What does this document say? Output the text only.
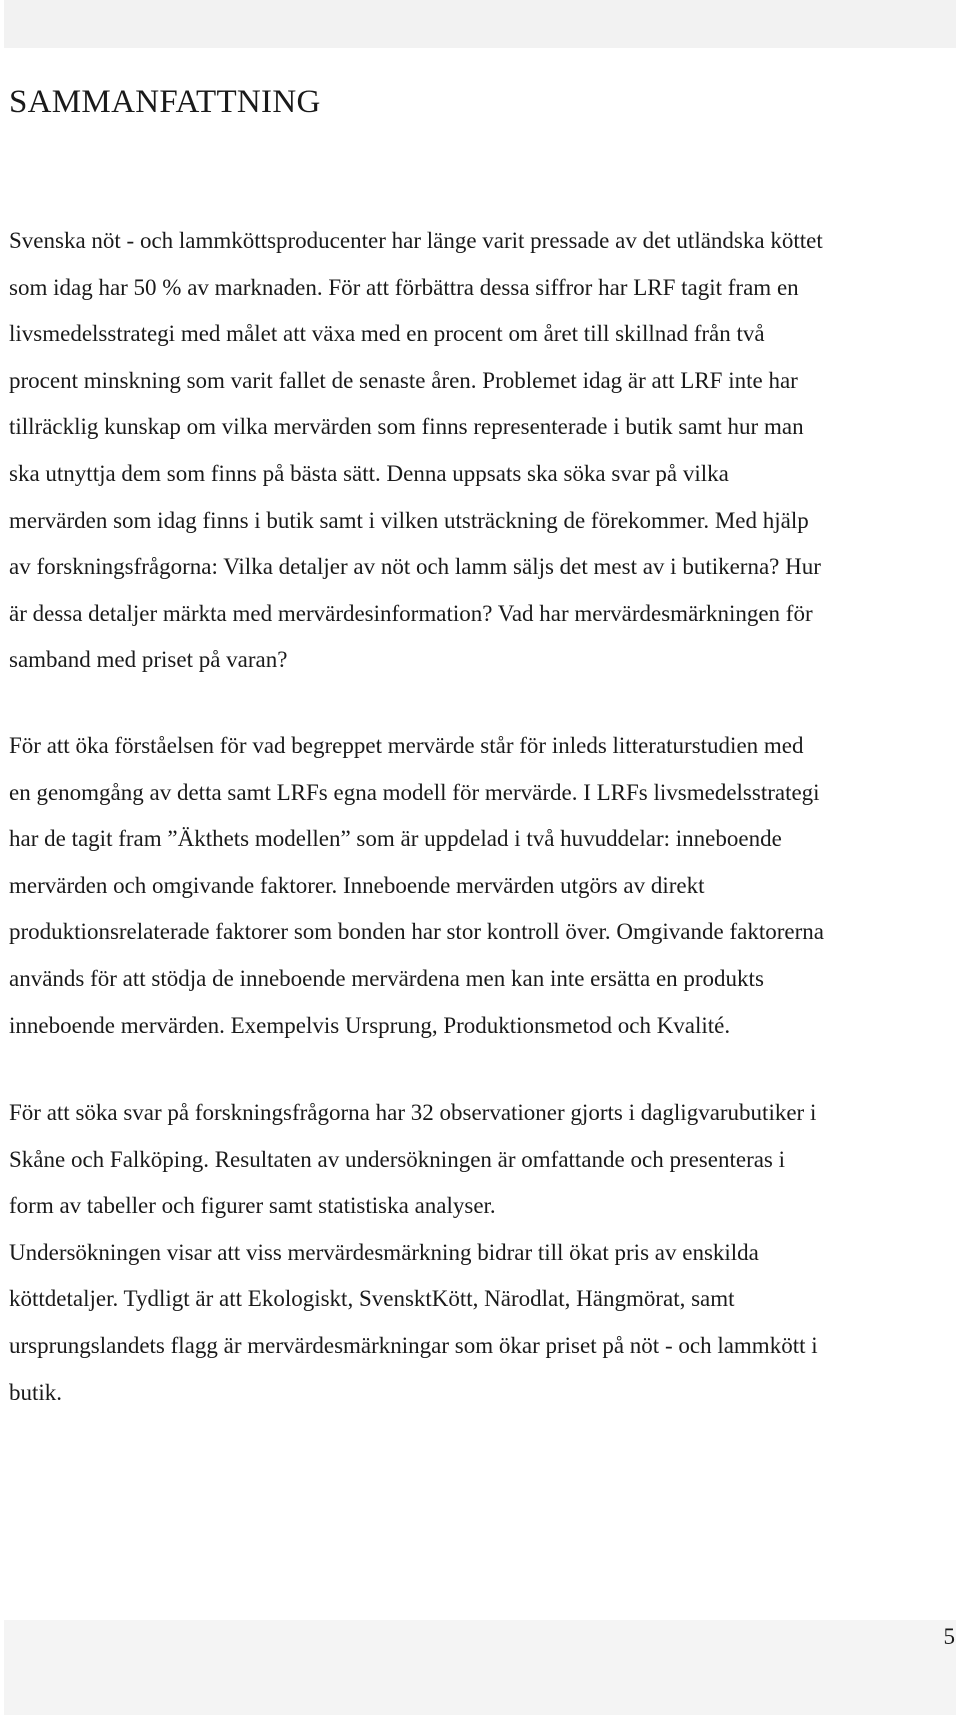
SAMMANFATTNING

Svenska nöt - och lammköttsproducenter har länge varit pressade av det utländska köttet
som idag har 50 % av marknaden. För att förbättra dessa siffror har LRF tagit fram en
livsmedelsstrategi med målet att växa med en procent om året till skillnad från två
procent minskning som varit fallet de senaste åren. Problemet idag är att LRF inte har
tillräcklig kunskap om vilka mervärden som finns representerade i butik samt hur man
ska utnyttja dem som finns på bästa sätt. Denna uppsats ska söka svar på vilka
mervärden som idag finns i butik samt i vilken utsträckning de förekommer. Med hjälp
av forskningsfrågorna: Vilka detaljer av nöt och lamm säljs det mest av i butikerna? Hur
är dessa detaljer märkta med mervärdesinformation? Vad har mervärdesmärkningen för
samband med priset på varan?

För att öka förståelsen för vad begreppet mervärde står för inleds litteraturstudien med
en genomgång av detta samt LRFs egna modell för mervärde. I LRFs livsmedelsstrategi
har de tagit fram ”Äkthets modellen” som är uppdelad i två huvuddelar: inneboende
mervärden och omgivande faktorer. Inneboende mervärden utgörs av direkt
produktionsrelaterade faktorer som bonden har stor kontroll över. Omgivande faktorerna
används för att stödja de inneboende mervärdena men kan inte ersätta en produkts
inneboende mervärden. Exempelvis Ursprung, Produktionsmetod och Kvalité.

För att söka svar på forskningsfrågorna har 32 observationer gjorts i dagligvarubutiker i
Skåne och Falköping. Resultaten av undersökningen är omfattande och presenteras i
form av tabeller och figurer samt statistiska analyser.
Undersökningen visar att viss mervärdesmärkning bidrar till ökat pris av enskilda
köttdetaljer. Tydligt är att Ekologiskt, SvensktKött, Närodlat, Hängmörat, samt
ursprungslandets flagg är mervärdesmärkningar som ökar priset på nöt - och lammkött i
butik.

5
